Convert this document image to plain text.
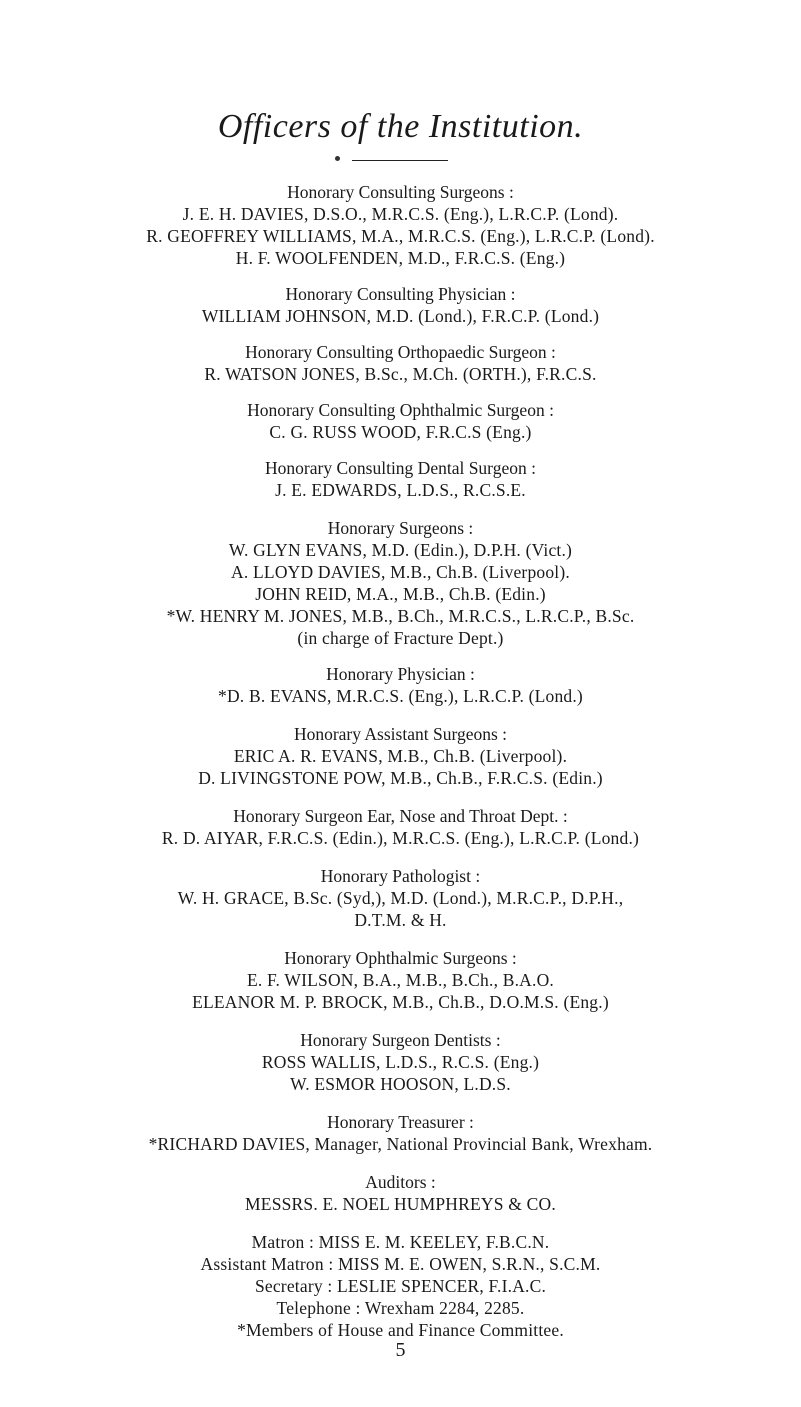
Officers of the Institution.
Honorary Consulting Surgeons :
J. E. H. DAVIES, D.S.O., M.R.C.S. (Eng.), L.R.C.P. (Lond).
R. GEOFFREY WILLIAMS, M.A., M.R.C.S. (Eng.), L.R.C.P. (Lond).
H. F. WOOLFENDEN, M.D., F.R.C.S. (Eng.)
Honorary Consulting Physician :
WILLIAM JOHNSON, M.D. (Lond.), F.R.C.P. (Lond.)
Honorary Consulting Orthopaedic Surgeon :
R. WATSON JONES, B.Sc., M.Ch. (ORTH.), F.R.C.S.
Honorary Consulting Ophthalmic Surgeon :
C. G. RUSS WOOD, F.R.C.S (Eng.)
Honorary Consulting Dental Surgeon :
J. E. EDWARDS, L.D.S., R.C.S.E.
Honorary Surgeons :
W. GLYN EVANS, M.D. (Edin.), D.P.H. (Vict.)
A. LLOYD DAVIES, M.B., Ch.B. (Liverpool).
JOHN REID, M.A., M.B., Ch.B. (Edin.)
*W. HENRY M. JONES, M.B., B.Ch., M.R.C.S., L.R.C.P., B.Sc.
(in charge of Fracture Dept.)
Honorary Physician :
*D. B. EVANS, M.R.C.S. (Eng.), L.R.C.P. (Lond.)
Honorary Assistant Surgeons :
ERIC A. R. EVANS, M.B., Ch.B. (Liverpool).
D. LIVINGSTONE POW, M.B., Ch.B., F.R.C.S. (Edin.)
Honorary Surgeon Ear, Nose and Throat Dept. :
R. D. AIYAR, F.R.C.S. (Edin.), M.R.C.S. (Eng.), L.R.C.P. (Lond.)
Honorary Pathologist :
W. H. GRACE, B.Sc. (Syd,), M.D. (Lond.), M.R.C.P., D.P.H.,
D.T.M. & H.
Honorary Ophthalmic Surgeons :
E. F. WILSON, B.A., M.B., B.Ch., B.A.O.
ELEANOR M. P. BROCK, M.B., Ch.B., D.O.M.S. (Eng.)
Honorary Surgeon Dentists :
ROSS WALLIS, L.D.S., R.C.S. (Eng.)
W. ESMOR HOOSON, L.D.S.
Honorary Treasurer :
*RICHARD DAVIES, Manager, National Provincial Bank, Wrexham.
Auditors :
MESSRS. E. NOEL HUMPHREYS & CO.
Matron : MISS E. M. KEELEY, F.B.C.N.
Assistant Matron : MISS M. E. OWEN, S.R.N., S.C.M.
Secretary : LESLIE SPENCER, F.I.A.C.
Telephone : Wrexham 2284, 2285.
*Members of House and Finance Committee.
5
